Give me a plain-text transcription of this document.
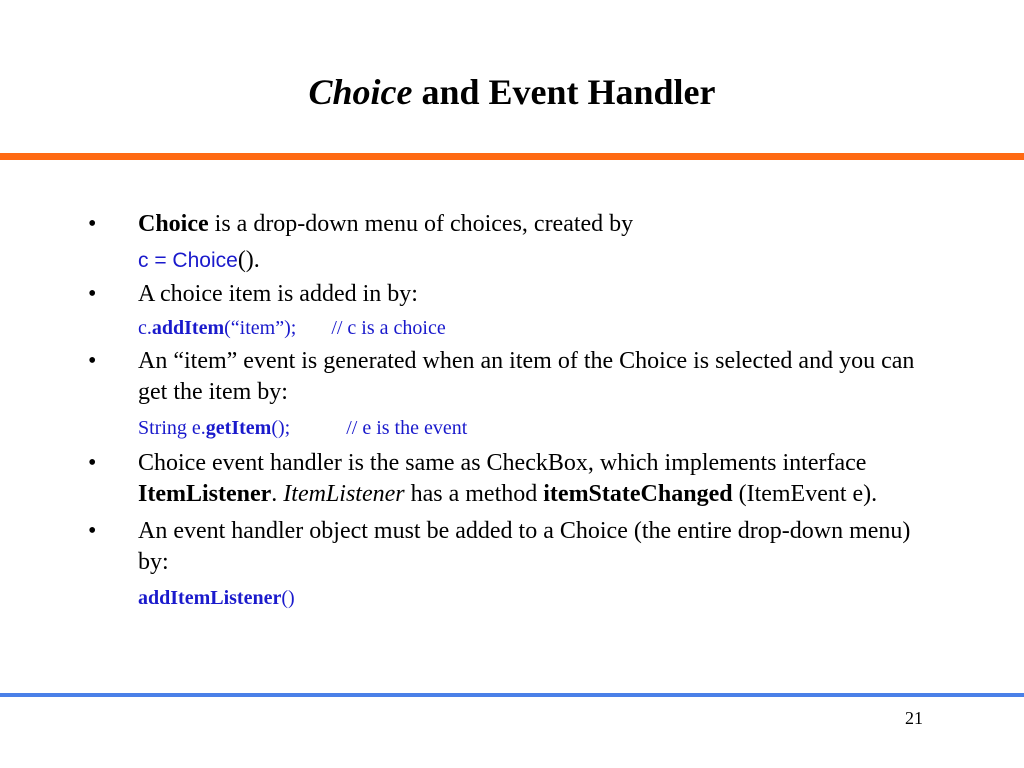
Choice and Event Handler
• Choice is a drop-down menu of choices, created by
c = Choice().
• A choice item is added in by:
c.addItem(“item”); // c is a choice
• An “item” event is generated when an item of the Choice is selected and you can get the item by:
String e.getItem();	// e is the event
• Choice event handler is the same as CheckBox, which implements interface ItemListener. ItemListener has a method itemStateChanged (ItemEvent e).
• An event handler object must be added to a Choice (the entire drop-down menu) by:
addItemListener()
21
